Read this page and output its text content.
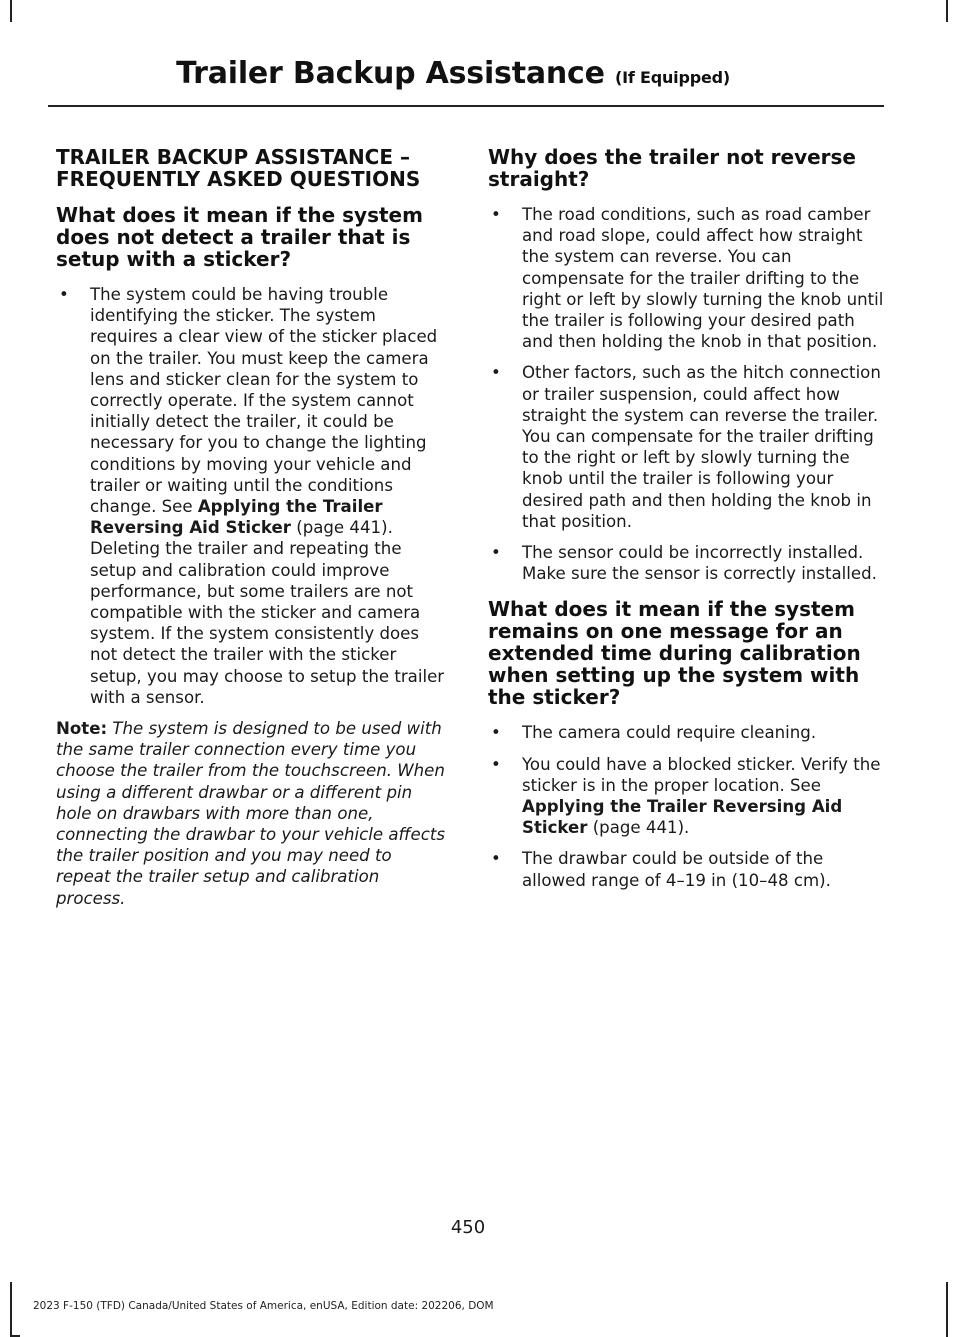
Trailer Backup Assistance (If Equipped)
TRAILER BACKUP ASSISTANCE – FREQUENTLY ASKED QUESTIONS
What does it mean if the system does not detect a trailer that is setup with a sticker?
• The system could be having trouble identifying the sticker. The system requires a clear view of the sticker placed on the trailer. You must keep the camera lens and sticker clean for the system to correctly operate. If the system cannot initially detect the trailer, it could be necessary for you to change the lighting conditions by moving your vehicle and trailer or waiting until the conditions change. See Applying the Trailer Reversing Aid Sticker (page 441). Deleting the trailer and repeating the setup and calibration could improve performance, but some trailers are not compatible with the sticker and camera system. If the system consistently does not detect the trailer with the sticker setup, you may choose to setup the trailer with a sensor.

Note: The system is designed to be used with the same trailer connection every time you choose the trailer from the touchscreen. When using a different drawbar or a different pin hole on drawbars with more than one, connecting the drawbar to your vehicle affects the trailer position and you may need to repeat the trailer setup and calibration process.

Why does the trailer not reverse straight?
• The road conditions, such as road camber and road slope, could affect how straight the system can reverse. You can compensate for the trailer drifting to the right or left by slowly turning the knob until the trailer is following your desired path and then holding the knob in that position.
• Other factors, such as the hitch connection or trailer suspension, could affect how straight the system can reverse the trailer. You can compensate for the trailer drifting to the right or left by slowly turning the knob until the trailer is following your desired path and then holding the knob in that position.
• The sensor could be incorrectly installed. Make sure the sensor is correctly installed.
What does it mean if the system remains on one message for an extended time during calibration when setting up the system with the sticker?
• The camera could require cleaning.
• You could have a blocked sticker. Verify the sticker is in the proper location. See Applying the Trailer Reversing Aid Sticker (page 441).
• The drawbar could be outside of the allowed range of 4–19 in (10–48 cm).
450
2023 F-150 (TFD) Canada/United States of America, enUSA, Edition date: 202206, DOM
